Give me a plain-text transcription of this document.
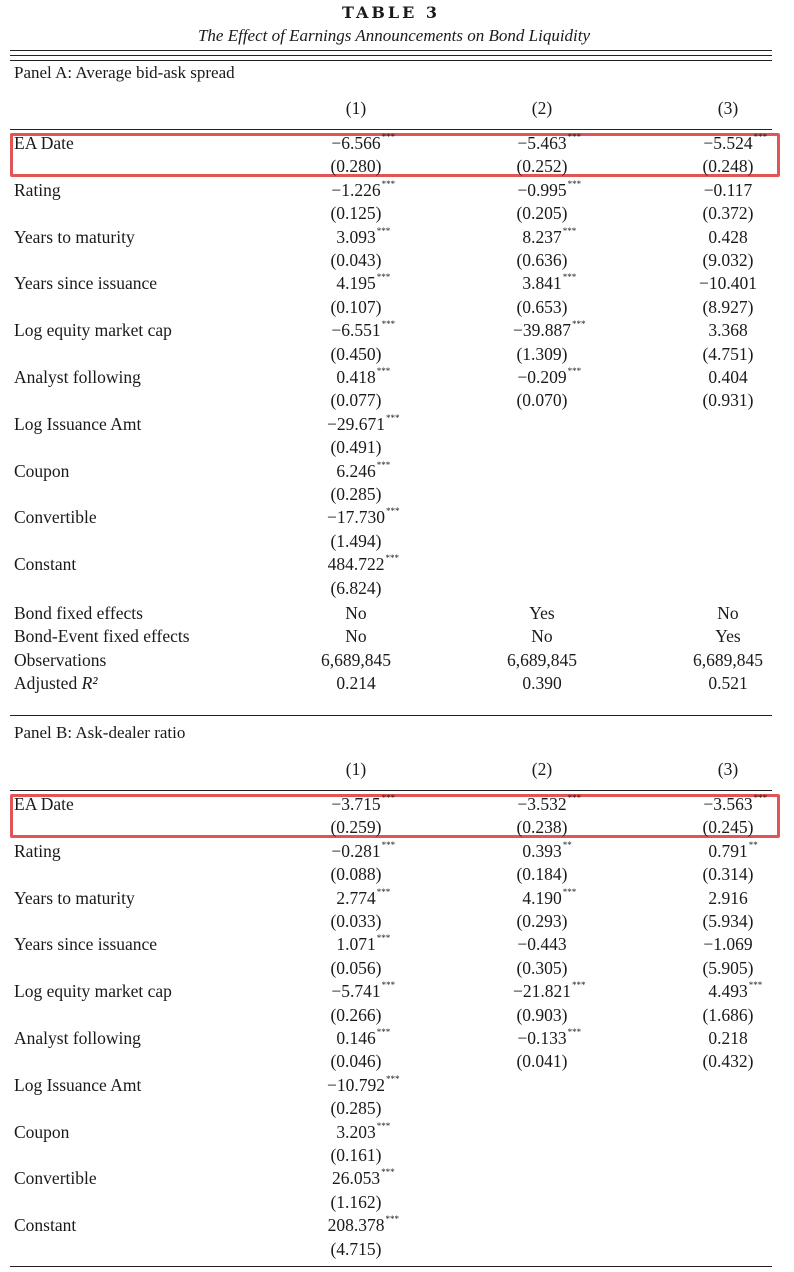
TABLE 3
The Effect of Earnings Announcements on Bond Liquidity
Panel A: Average bid-ask spread
(1)	(2)	(3)
EA Date	−6.566 ***	−5.463 ***	−5.524 ***
(0.280)	(0.252)	(0.248)
Rating	−1.226 ***	−0.995 ***	−0.117
(0.125)	(0.205)	(0.372)
Years to maturity	3.093 ***	8.237 ***	0.428
(0.043)	(0.636)	(9.032)
Years since issuance	4.195 ***	3.841 ***	−10.401
(0.107)	(0.653)	(8.927)
Log equity market cap	−6.551 ***	−39.887 ***	3.368
(0.450)	(1.309)	(4.751)
Analyst following	0.418 ***	−0.209 ***	0.404
(0.077)	(0.070)	(0.931)
Log Issuance Amt	−29.671 ***
(0.491)
Coupon	6.246 ***
(0.285)
Convertible	−17.730 ***
(1.494)
Constant	484.722 ***
(6.824)
Bond fixed effects	No	Yes	No
Bond-Event fixed effects	No	No	Yes
Observations	6,689,845	6,689,845	6,689,845
Adjusted R²	0.214	0.390	0.521
Panel B: Ask-dealer ratio
(1)	(2)	(3)
EA Date	−3.715 ***	−3.532 ***	−3.563 ***
(0.259)	(0.238)	(0.245)
Rating	−0.281 ***	0.393 **	0.791 **
(0.088)	(0.184)	(0.314)
Years to maturity	2.774 ***	4.190 ***	2.916
(0.033)	(0.293)	(5.934)
Years since issuance	1.071 ***	−0.443	−1.069
(0.056)	(0.305)	(5.905)
Log equity market cap	−5.741 ***	−21.821 ***	4.493 ***
(0.266)	(0.903)	(1.686)
Analyst following	0.146 ***	−0.133 ***	0.218
(0.046)	(0.041)	(0.432)
Log Issuance Amt	−10.792 ***
(0.285)
Coupon	3.203 ***
(0.161)
Convertible	26.053 ***
(1.162)
Constant	208.378 ***
(4.715)
